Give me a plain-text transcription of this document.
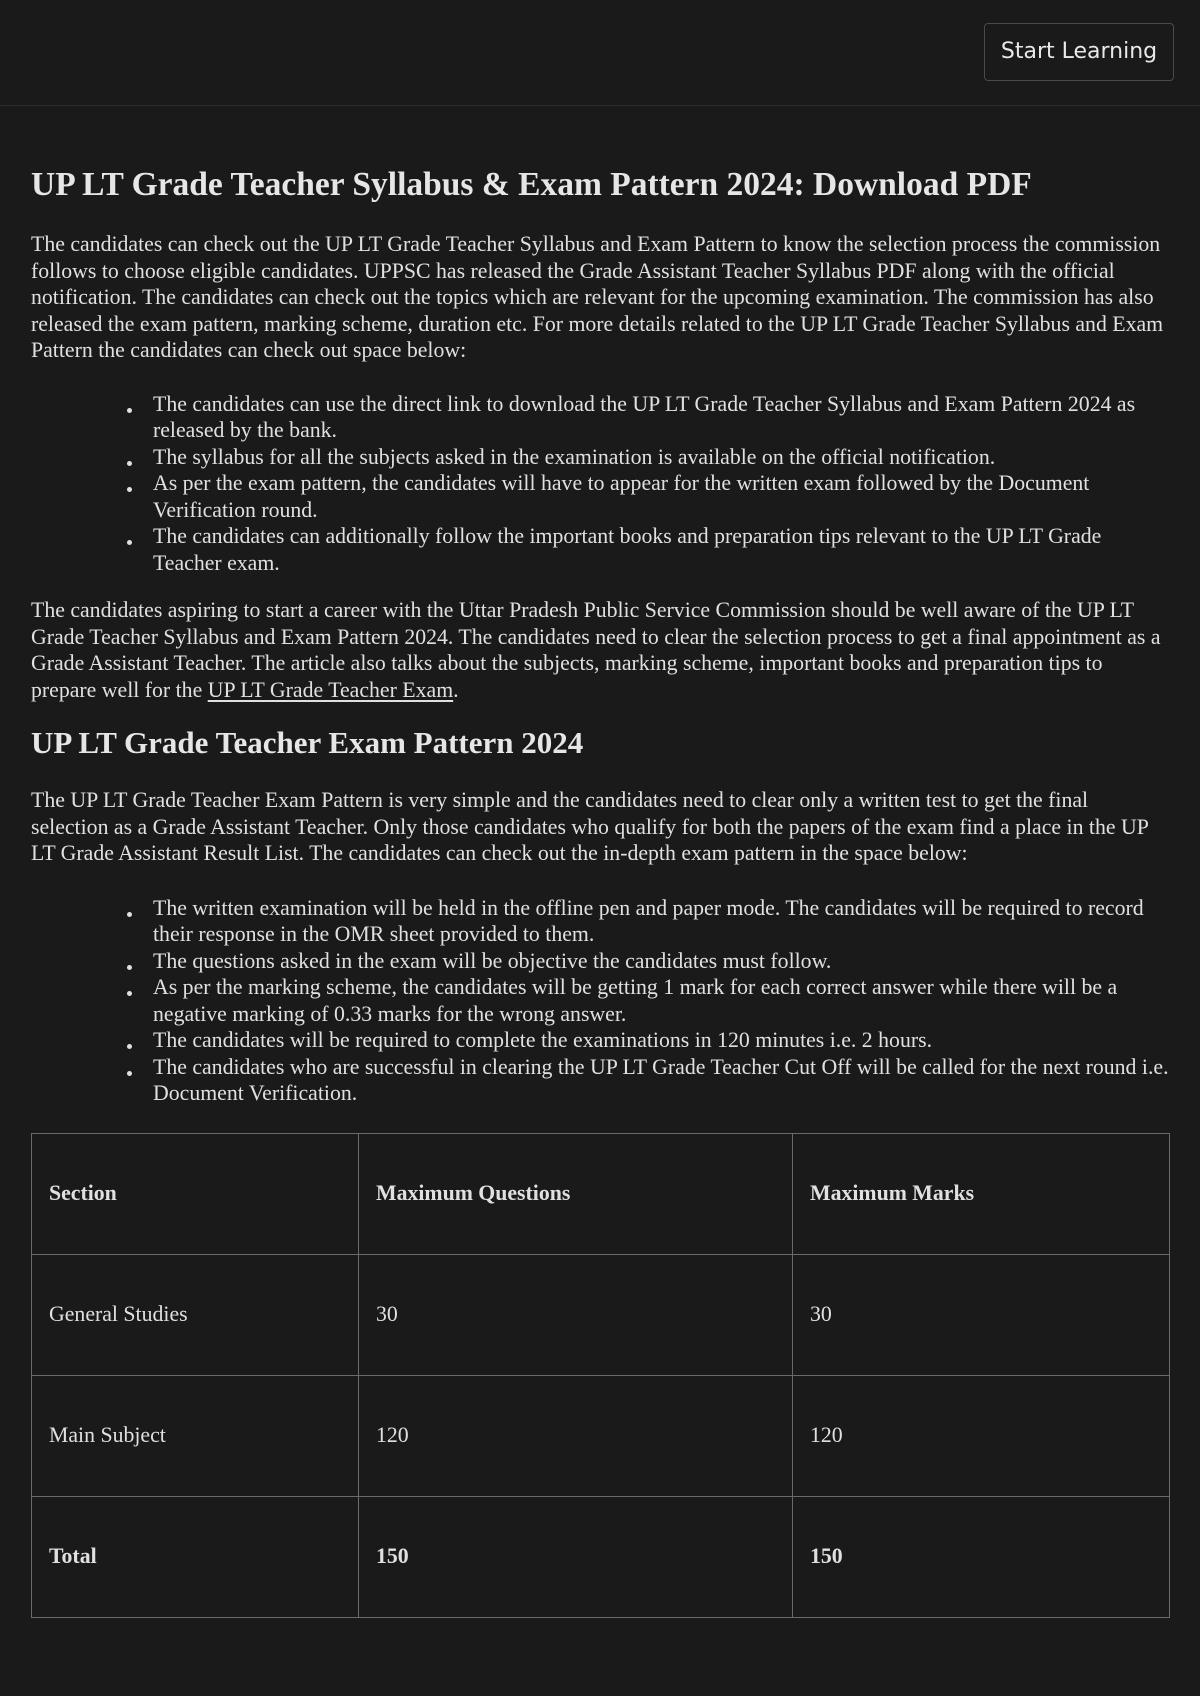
Start Learning
UP LT Grade Teacher Syllabus & Exam Pattern 2024: Download PDF

The candidates can check out the UP LT Grade Teacher Syllabus and Exam Pattern to know the selection process the commission follows to choose eligible candidates. UPPSC has released the Grade Assistant Teacher Syllabus PDF along with the official notification. The candidates can check out the topics which are relevant for the upcoming examination. The commission has also released the exam pattern, marking scheme, duration etc. For more details related to the UP LT Grade Teacher Syllabus and Exam Pattern the candidates can check out space below:

The candidates can use the direct link to download the UP LT Grade Teacher Syllabus and Exam Pattern 2024 as released by the bank.
The syllabus for all the subjects asked in the examination is available on the official notification.
As per the exam pattern, the candidates will have to appear for the written exam followed by the Document Verification round.
The candidates can additionally follow the important books and preparation tips relevant to the UP LT Grade Teacher exam.

The candidates aspiring to start a career with the Uttar Pradesh Public Service Commission should be well aware of the UP LT Grade Teacher Syllabus and Exam Pattern 2024. The candidates need to clear the selection process to get a final appointment as a Grade Assistant Teacher. The article also talks about the subjects, marking scheme, important books and preparation tips to prepare well for the UP LT Grade Teacher Exam.

UP LT Grade Teacher Exam Pattern 2024

The UP LT Grade Teacher Exam Pattern is very simple and the candidates need to clear only a written test to get the final selection as a Grade Assistant Teacher. Only those candidates who qualify for both the papers of the exam find a place in the UP LT Grade Assistant Result List. The candidates can check out the in-depth exam pattern in the space below:

The written examination will be held in the offline pen and paper mode. The candidates will be required to record their response in the OMR sheet provided to them.
The questions asked in the exam will be objective the candidates must follow.
As per the marking scheme, the candidates will be getting 1 mark for each correct answer while there will be a negative marking of 0.33 marks for the wrong answer.
The candidates will be required to complete the examinations in 120 minutes i.e. 2 hours.
The candidates who are successful in clearing the UP LT Grade Teacher Cut Off will be called for the next round i.e. Document Verification.
Section	Maximum Questions	Maximum Marks
General Studies	30	30
Main Subject	120	120
Total	150	150
